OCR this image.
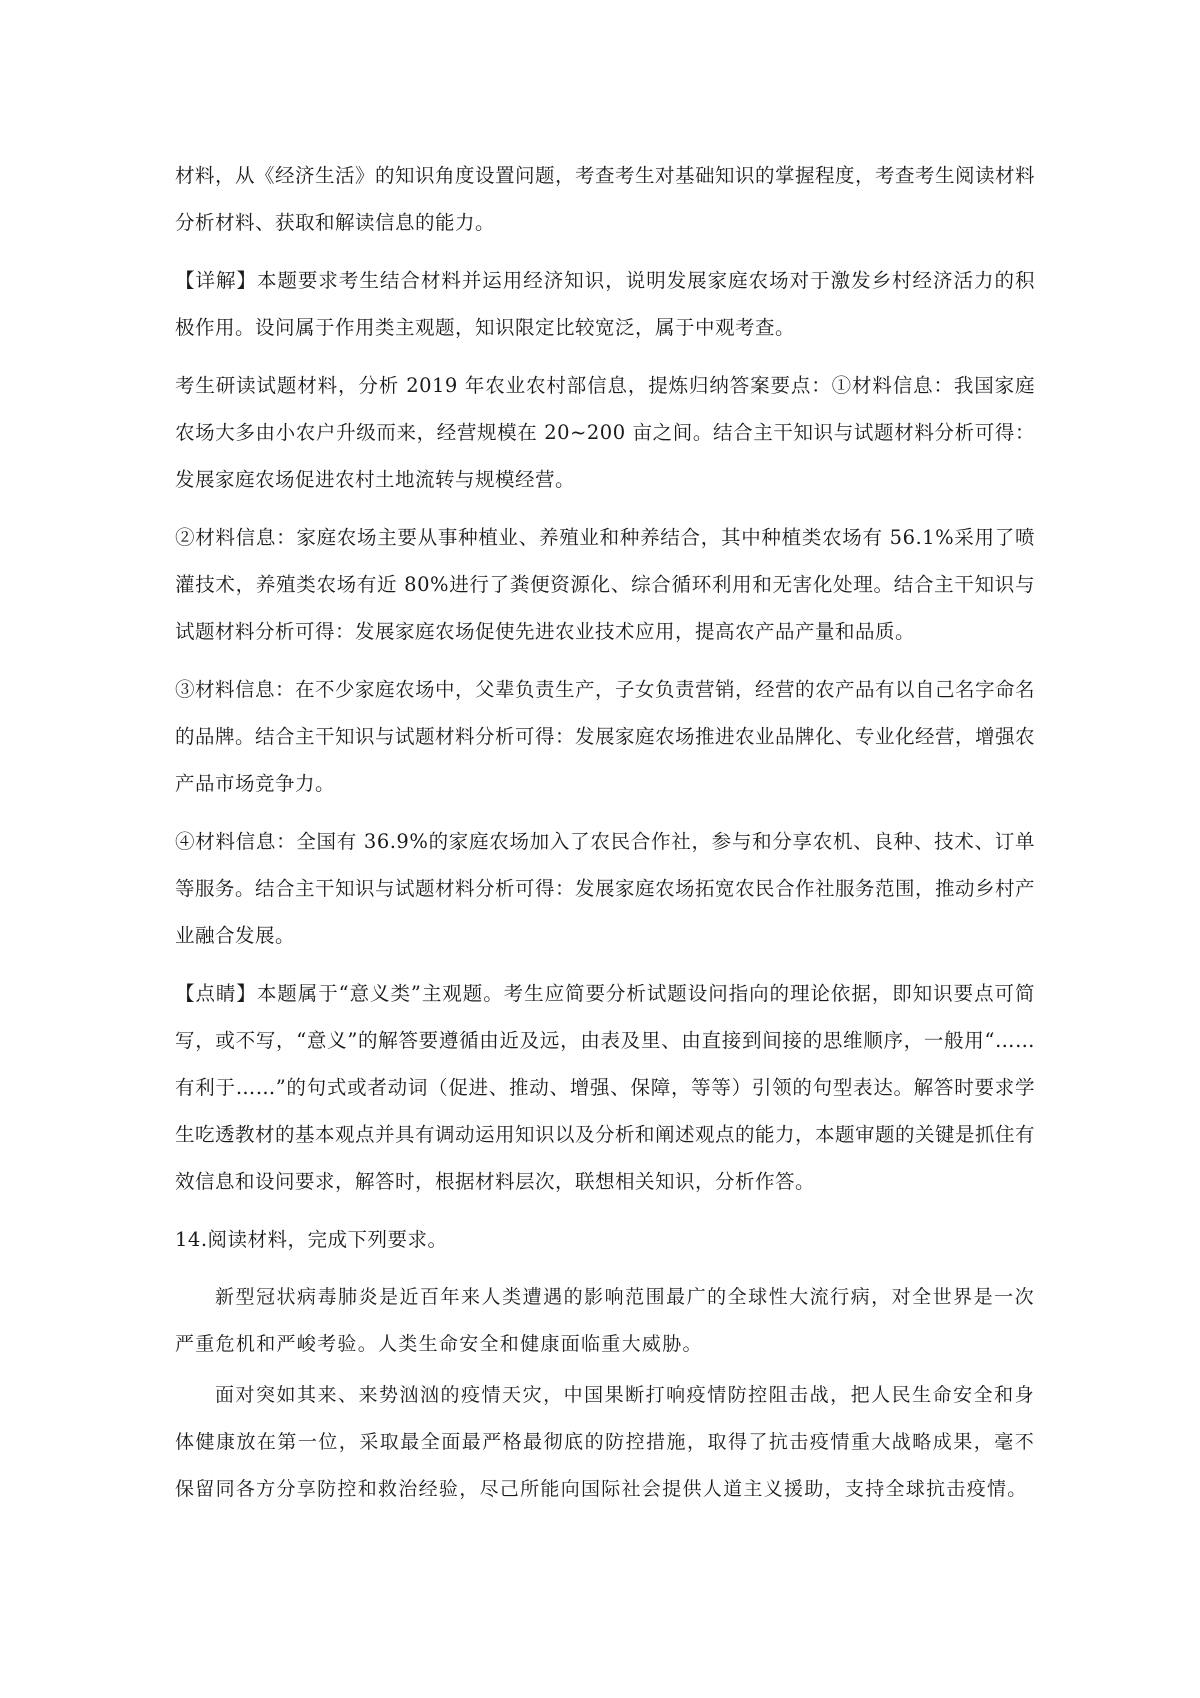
材料，从《经济生活》的知识角度设置问题，考查考生对基础知识的掌握程度，考查考生阅读材料分析材料、获取和解读信息的能力。

【详解】本题要求考生结合材料并运用经济知识，说明发展家庭农场对于激发乡村经济活力的积极作用。设问属于作用类主观题，知识限定比较宽泛，属于中观考查。

考生研读试题材料，分析 2019 年农业农村部信息，提炼归纳答案要点：①材料信息：我国家庭农场大多由小农户升级而来，经营规模在 20~200 亩之间。结合主干知识与试题材料分析可得：发展家庭农场促进农村土地流转与规模经营。

②材料信息：家庭农场主要从事种植业、养殖业和种养结合，其中种植类农场有 56.1%采用了喷灌技术，养殖类农场有近 80%进行了粪便资源化、综合循环利用和无害化处理。结合主干知识与试题材料分析可得：发展家庭农场促使先进农业技术应用，提高农产品产量和品质。

③材料信息：在不少家庭农场中，父辈负责生产，子女负责营销，经营的农产品有以自己名字命名的品牌。结合主干知识与试题材料分析可得：发展家庭农场推进农业品牌化、专业化经营，增强农产品市场竞争力。

④材料信息：全国有 36.9%的家庭农场加入了农民合作社，参与和分享农机、良种、技术、订单等服务。结合主干知识与试题材料分析可得：发展家庭农场拓宽农民合作社服务范围，推动乡村产业融合发展。

【点睛】本题属于“意义类”主观题。考生应简要分析试题设问指向的理论依据，即知识要点可简写，或不写，“意义”的解答要遵循由近及远，由表及里、由直接到间接的思维顺序，一般用“……有利于……”的句式或者动词（促进、推动、增强、保障，等等）引领的句型表达。解答时要求学生吃透教材的基本观点并具有调动运用知识以及分析和阐述观点的能力，本题审题的关键是抓住有效信息和设问要求，解答时，根据材料层次，联想相关知识，分析作答。

14.阅读材料，完成下列要求。

新型冠状病毒肺炎是近百年来人类遭遇的影响范围最广的全球性大流行病，对全世界是一次严重危机和严峻考验。人类生命安全和健康面临重大威胁。

面对突如其来、来势汹汹的疫情天灾，中国果断打响疫情防控阻击战，把人民生命安全和身体健康放在第一位，采取最全面最严格最彻底的防控措施，取得了抗击疫情重大战略成果，毫不保留同各方分享防控和救治经验，尽己所能向国际社会提供人道主义援助，支持全球抗击疫情。
